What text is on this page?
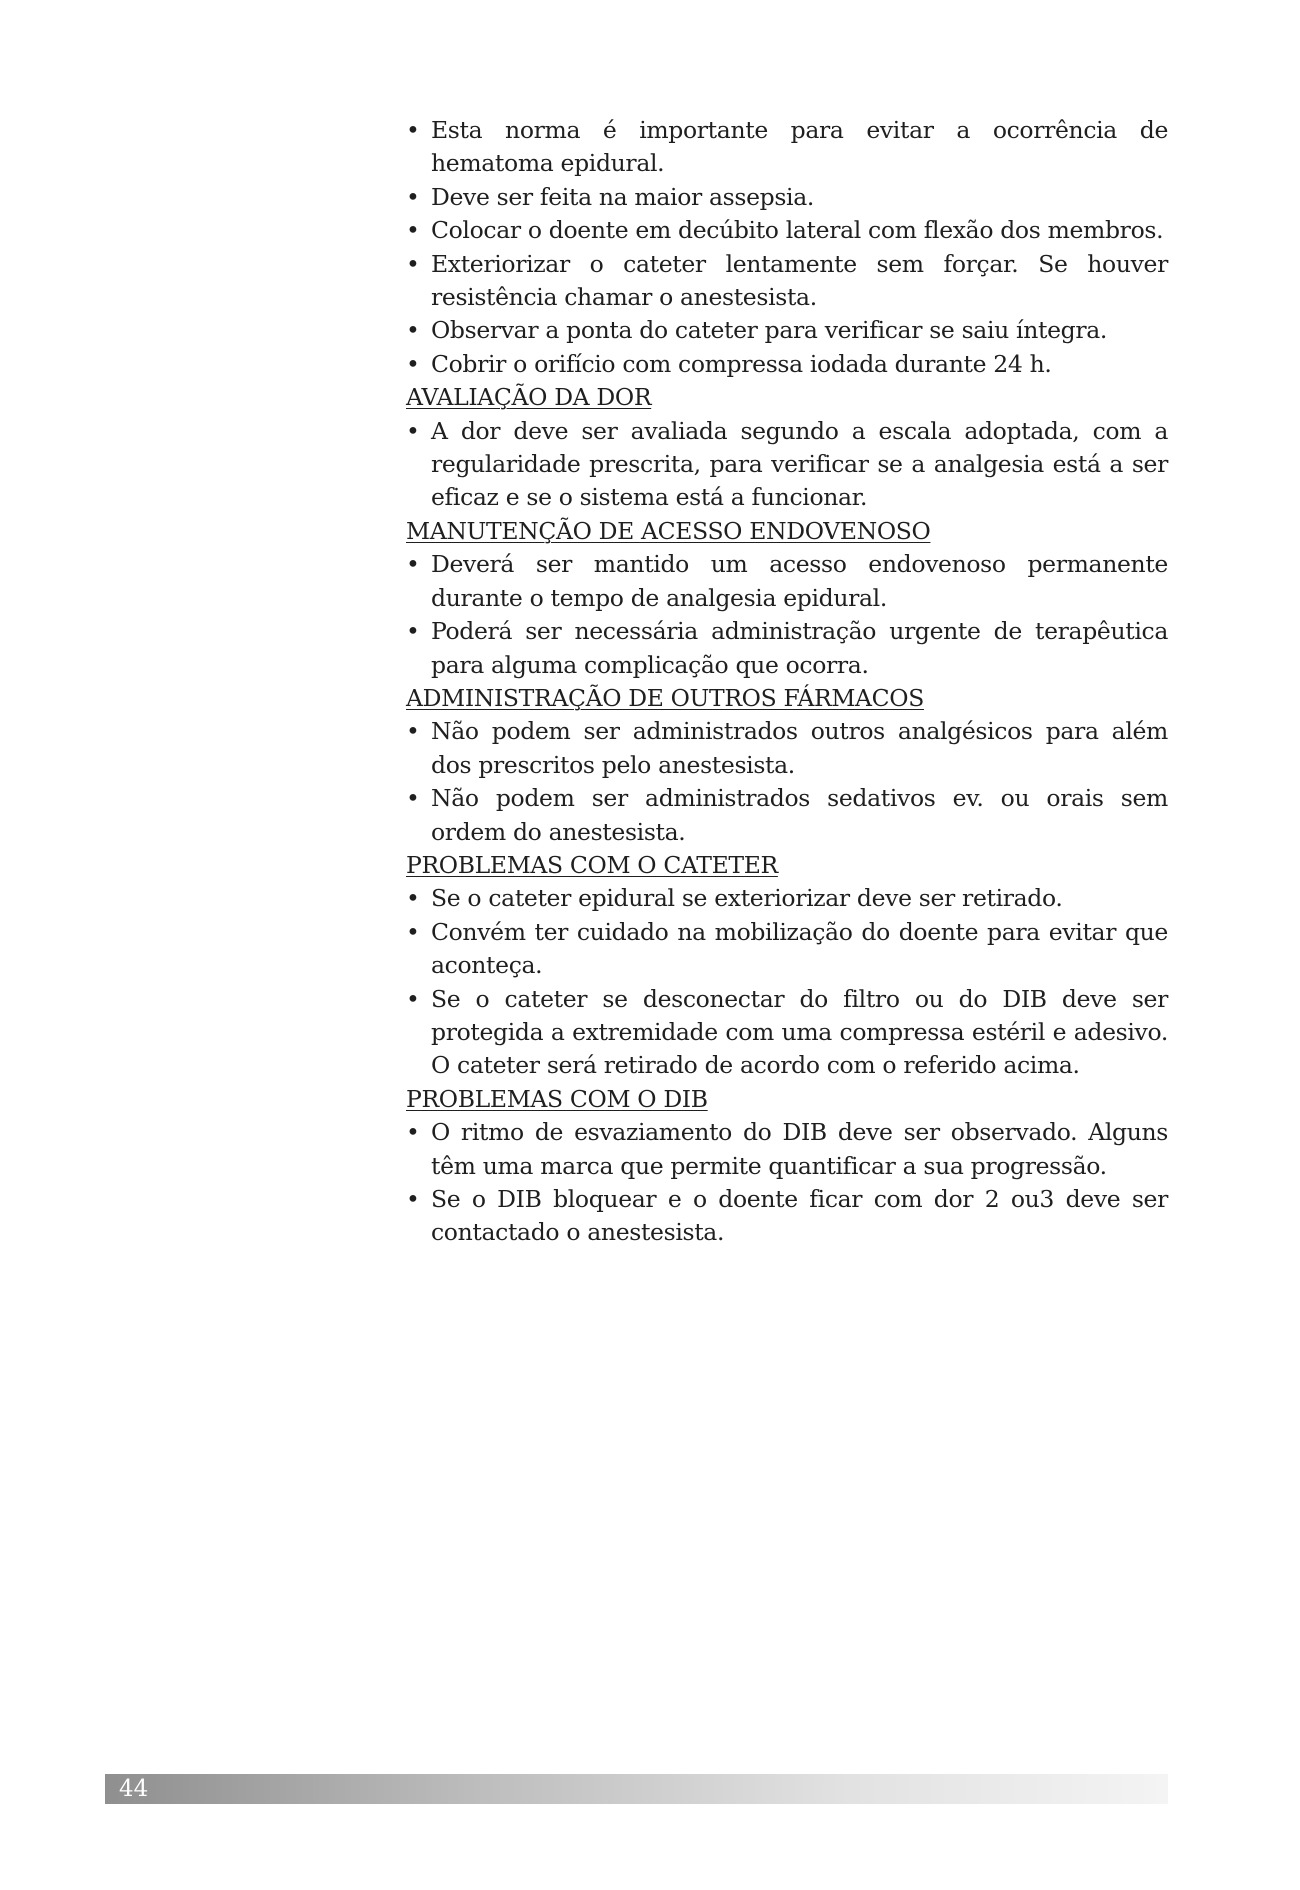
• Esta norma é importante para evitar a ocorrência de hematoma epidural.
• Deve ser feita na maior assepsia.
• Colocar o doente em decúbito lateral com flexão dos membros.
• Exteriorizar o cateter lentamente sem forçar. Se houver resistência chamar o anestesista.
• Observar a ponta do cateter para verificar se saiu íntegra.
• Cobrir o orifício com compressa iodada durante 24 h.

AVALIAÇÃO DA DOR

• A dor deve ser avaliada segundo a escala adoptada, com a regularidade prescrita, para verificar se a analgesia está a ser eficaz e se o sistema está a funcionar.

MANUTENÇÃO DE ACESSO ENDOVENOSO

• Deverá ser mantido um acesso endovenoso permanente durante o tempo de analgesia epidural.
• Poderá ser necessária administração urgente de terapêutica para alguma complicação que ocorra.

ADMINISTRAÇÃO DE OUTROS FÁRMACOS

• Não podem ser administrados outros analgésicos para além dos prescritos pelo anestesista.
• Não podem ser administrados sedativos ev. ou orais sem ordem do anestesista.

PROBLEMAS COM O CATETER

• Se o cateter epidural se exteriorizar deve ser retirado.
• Convém ter cuidado na mobilização do doente para evitar que aconteça.
• Se o cateter se desconectar do filtro ou do DIB deve ser protegida a extremidade com uma compressa estéril e adesivo. O cateter será retirado de acordo com o referido acima.

PROBLEMAS COM O DIB

• O ritmo de esvaziamento do DIB deve ser observado. Alguns têm uma marca que permite quantificar a sua progressão.
• Se o DIB bloquear e o doente ficar com dor 2 ou3 deve ser contactado o anestesista.
44
